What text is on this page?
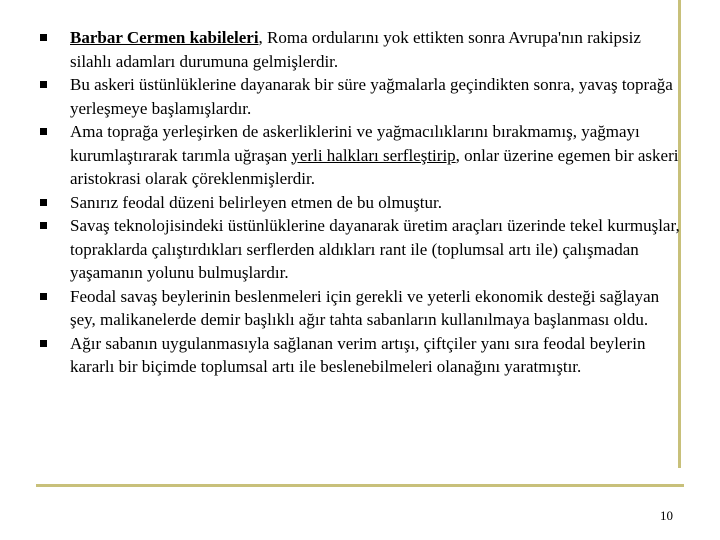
Barbar Cermen kabileleri, Roma ordularını yok ettikten sonra Avrupa'nın rakipsiz silahlı adamları durumuna gelmişlerdir.
Bu askeri üstünlüklerine dayanarak bir süre yağmalarla geçindikten sonra, yavaş toprağa yerleşmeye başlamışlardır.
Ama toprağa yerleşirken de askerliklerini ve yağmacılıklarını bırakmamış, yağmayı kurumlaştırarak tarımla uğraşan yerli halkları serfleştirip, onlar üzerine egemen bir askeri aristokrasi olarak çöreklenmişlerdir.
Sanırız feodal düzeni belirleyen etmen de bu olmuştur.
Savaş teknolojisindeki üstünlüklerine dayanarak üretim araçları üzerinde tekel kurmuşlar, topraklarda çalıştırdıkları serflerden aldıkları rant ile (toplumsal artı ile) çalışmadan yaşamanın yolunu bulmuşlardır.
Feodal savaş beylerinin beslenmeleri için gerekli ve yeterli ekonomik desteği sağlayan şey, malikanelerde demir başlıklı ağır tahta sabanların kullanılmaya başlanması oldu.
Ağır sabanın uygulanmasıyla sağlanan verim artışı, çiftçiler yanı sıra feodal beylerin kararlı bir biçimde toplumsal artı ile beslenebilmeleri olanağını yaratmıştır.
10
